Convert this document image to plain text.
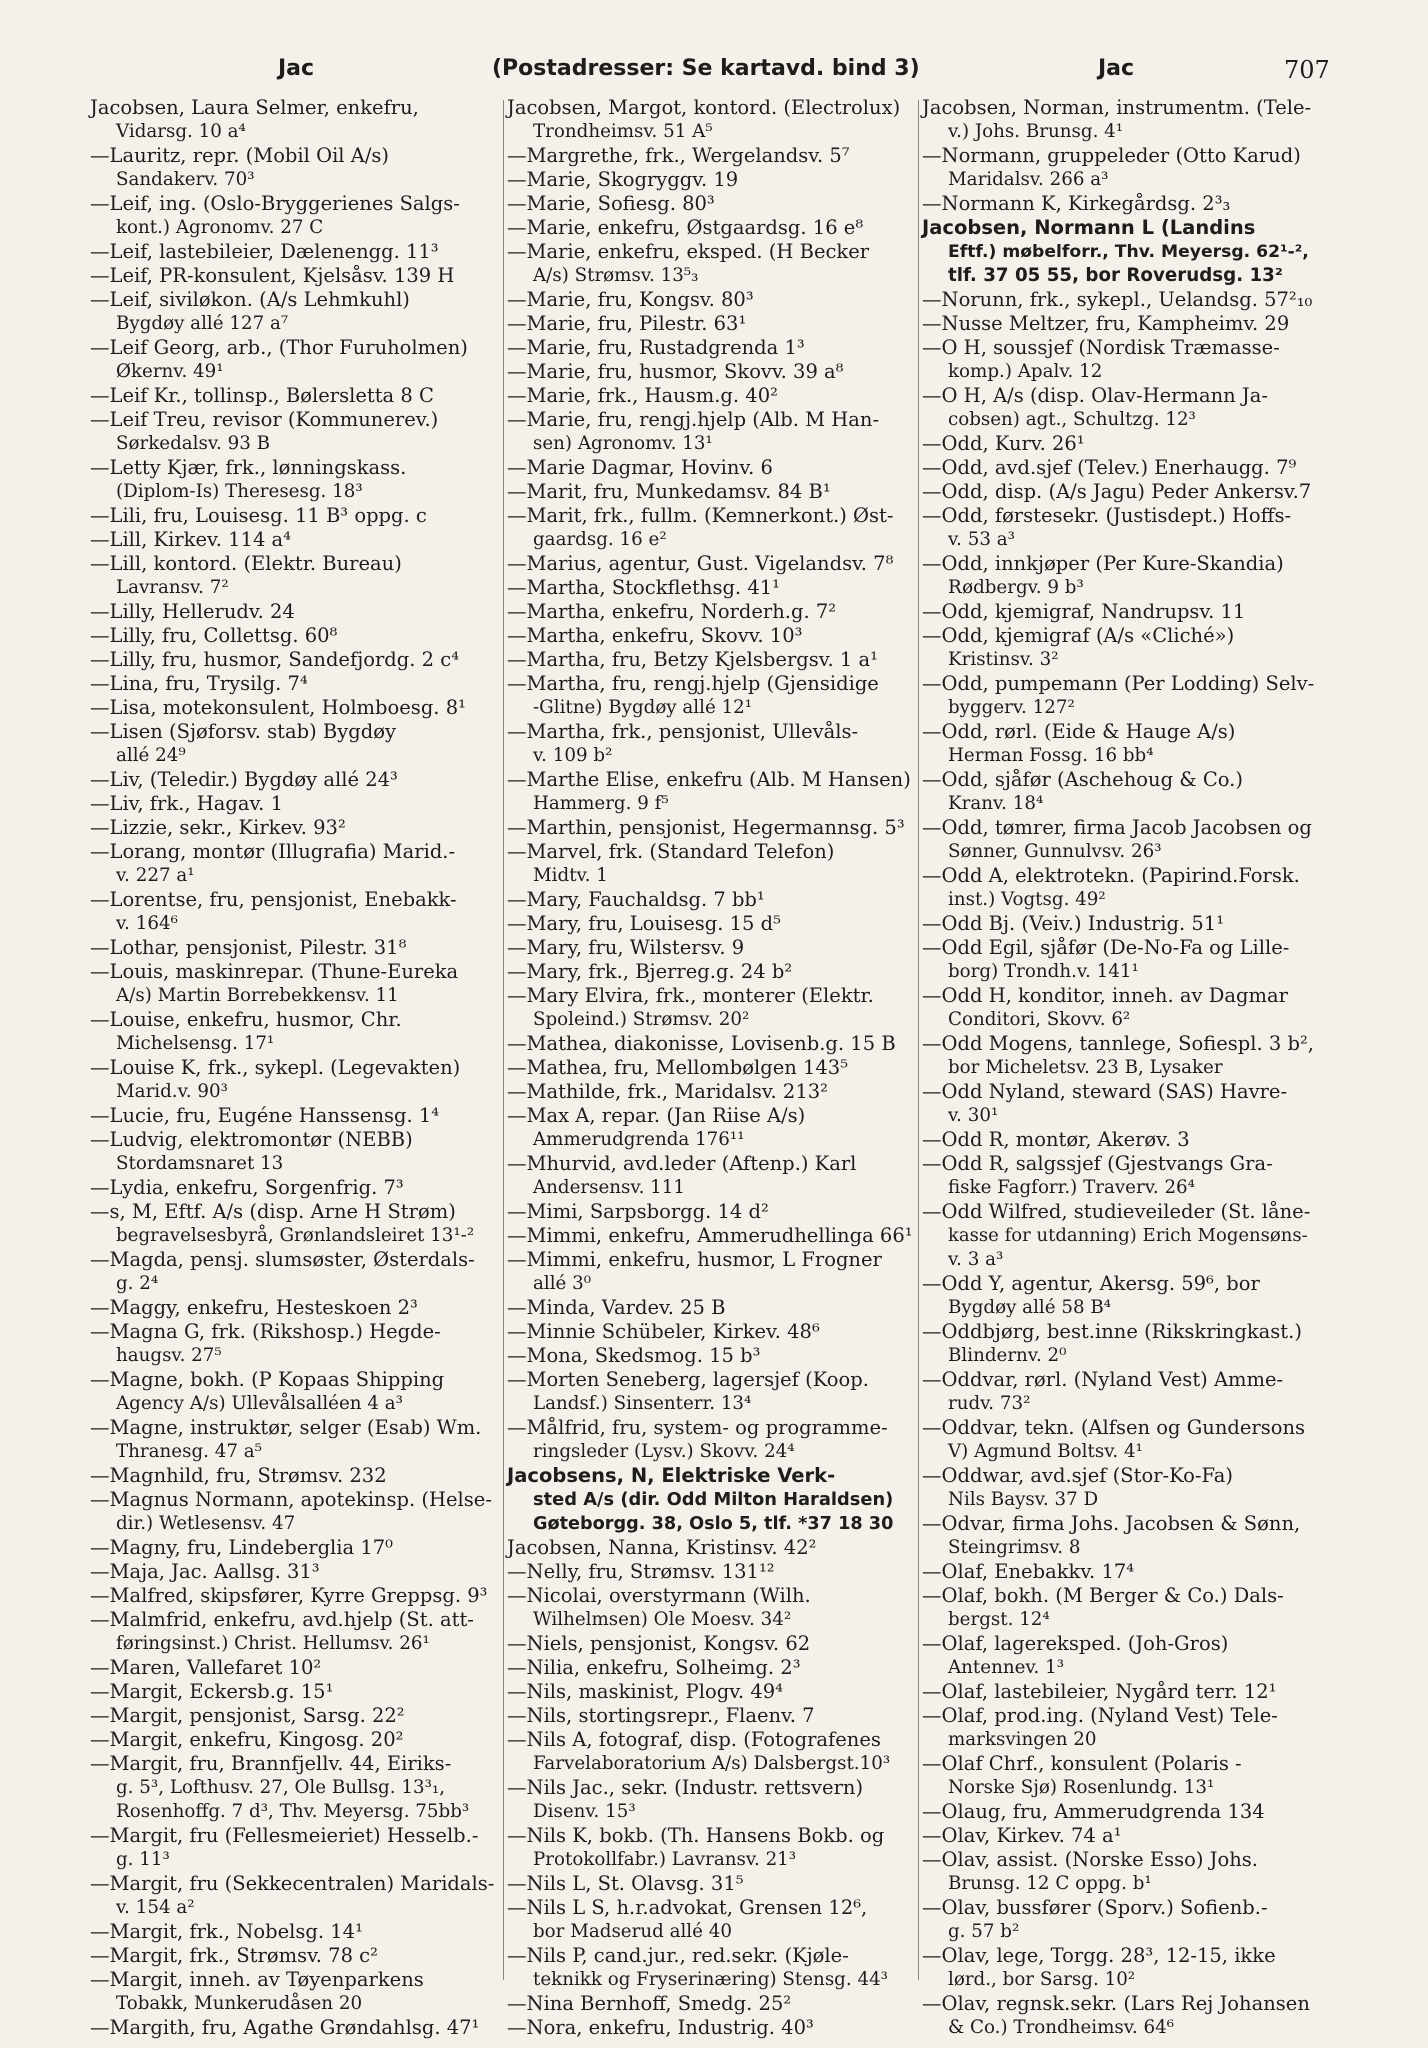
Jac	(Postadresser: Se kartavd. bind 3)	Jac	707
Jacobsen, Laura Selmer, enkefru,
Vidarsg. 10 a⁴
—Lauritz, repr. (Mobil Oil A/s)
Sandakerv. 70³
—Leif, ing. (Oslo-Bryggerienes Salgs-
kont.) Agronomv. 27 C
—Leif, lastebileier, Dælenengg. 11³
—Leif, PR-konsulent, Kjelsåsv. 139 H
—Leif, siviløkon. (A/s Lehmkuhl)
Bygdøy allé 127 a⁷
—Leif Georg, arb., (Thor Furuholmen)
Økernv. 49¹
—Leif Kr., tollinsp., Bølersletta 8 C
—Leif Treu, revisor (Kommunerev.)
Sørkedalsv. 93 B
—Letty Kjær, frk., lønningskass.
(Diplom-Is) Theresesg. 18³
—Lili, fru, Louisesg. 11 B³ oppg. c
—Lill, Kirkev. 114 a⁴
—Lill, kontord. (Elektr. Bureau)
Lavransv. 7²
—Lilly, Hellerudv. 24
—Lilly, fru, Collettsg. 60⁸
—Lilly, fru, husmor, Sandefjordg. 2 c⁴
—Lina, fru, Trysilg. 7⁴
—Lisa, motekonsulent, Holmboesg. 8¹
—Lisen (Sjøforsv. stab) Bygdøy
allé 24⁹
—Liv, (Teledir.) Bygdøy allé 24³
—Liv, frk., Hagav. 1
—Lizzie, sekr., Kirkev. 93²
—Lorang, montør (Illugrafia) Marid.-
v. 227 a¹
—Lorentse, fru, pensjonist, Enebakk-
v. 164⁶
—Lothar, pensjonist, Pilestr. 31⁸
—Louis, maskinrepar. (Thune-Eureka
A/s) Martin Borrebekkensv. 11
—Louise, enkefru, husmor, Chr.
Michelsensg. 17¹
—Louise K, frk., sykepl. (Legevakten)
Marid.v. 90³
—Lucie, fru, Eugéne Hanssensg. 1⁴
—Ludvig, elektromontør (NEBB)
Stordamsnaret 13
—Lydia, enkefru, Sorgenfrig. 7³
—s, M, Eftf. A/s (disp. Arne H Strøm)
begravelsesbyrå, Grønlandsleiret 13¹-²
—Magda, pensj. slumsøster, Østerdals-
g. 2⁴
—Maggy, enkefru, Hesteskoen 2³
—Magna G, frk. (Rikshosp.) Hegde-
haugsv. 27⁵
—Magne, bokh. (P Kopaas Shipping
Agency A/s) Ullevålsalléen 4 a³
—Magne, instruktør, selger (Esab) Wm.
Thranesg. 47 a⁵
—Magnhild, fru, Strømsv. 232
—Magnus Normann, apotekinsp. (Helse-
dir.) Wetlesensv. 47
—Magny, fru, Lindeberglia 17⁰
—Maja, Jac. Aallsg. 31³
—Malfred, skipsfører, Kyrre Greppsg. 9³
—Malmfrid, enkefru, avd.hjelp (St. att-
føringsinst.) Christ. Hellumsv. 26¹
—Maren, Vallefaret 10²
—Margit, Eckersb.g. 15¹
—Margit, pensjonist, Sarsg. 22²
—Margit, enkefru, Kingosg. 20²
—Margit, fru, Brannfjellv. 44, Eiriks-
g. 5³, Lofthusv. 27, Ole Bullsg. 13³₁,
Rosenhoffg. 7 d³, Thv. Meyersg. 75bb³
—Margit, fru (Fellesmeieriet) Hesselb.-
g. 11³
—Margit, fru (Sekkecentralen) Maridals-
v. 154 a²
—Margit, frk., Nobelsg. 14¹
—Margit, frk., Strømsv. 78 c²
—Margit, inneh. av Tøyenparkens
Tobakk, Munkerudåsen 20
—Margith, fru, Agathe Grøndahlsg. 47¹
Jacobsen, Margot, kontord. (Electrolux)
Trondheimsv. 51 A⁵
—Margrethe, frk., Wergelandsv. 5⁷
—Marie, Skogryggv. 19
—Marie, Sofiesg. 80³
—Marie, enkefru, Østgaardsg. 16 e⁸
—Marie, enkefru, eksped. (H Becker
A/s) Strømsv. 13⁵₃
—Marie, fru, Kongsv. 80³
—Marie, fru, Pilestr. 63¹
—Marie, fru, Rustadgrenda 1³
—Marie, fru, husmor, Skovv. 39 a⁸
—Marie, frk., Hausm.g. 40²
—Marie, fru, rengj.hjelp (Alb. M Han-
sen) Agronomv. 13¹
—Marie Dagmar, Hovinv. 6
—Marit, fru, Munkedamsv. 84 B¹
—Marit, frk., fullm. (Kemnerkont.) Øst-
gaardsg. 16 e²
—Marius, agentur, Gust. Vigelandsv. 7⁸
—Martha, Stockflethsg. 41¹
—Martha, enkefru, Norderh.g. 7²
—Martha, enkefru, Skovv. 10³
—Martha, fru, Betzy Kjelsbergsv. 1 a¹
—Martha, fru, rengj.hjelp (Gjensidige
-Glitne) Bygdøy allé 12¹
—Martha, frk., pensjonist, Ullevåls-
v. 109 b²
—Marthe Elise, enkefru (Alb. M Hansen)
Hammerg. 9 f⁵
—Marthin, pensjonist, Hegermannsg. 5³
—Marvel, frk. (Standard Telefon)
Midtv. 1
—Mary, Fauchaldsg. 7 bb¹
—Mary, fru, Louisesg. 15 d⁵
—Mary, fru, Wilstersv. 9
—Mary, frk., Bjerreg.g. 24 b²
—Mary Elvira, frk., monterer (Elektr.
Spoleind.) Strømsv. 20²
—Mathea, diakonisse, Lovisenb.g. 15 B
—Mathea, fru, Mellombølgen 143⁵
—Mathilde, frk., Maridalsv. 213²
—Max A, repar. (Jan Riise A/s)
Ammerudgrenda 176¹¹
—Mhurvid, avd.leder (Aftenp.) Karl
Andersensv. 111
—Mimi, Sarpsborgg. 14 d²
—Mimmi, enkefru, Ammerudhellinga 66¹
—Mimmi, enkefru, husmor, L Frogner
allé 3⁰
—Minda, Vardev. 25 B
—Minnie Schübeler, Kirkev. 48⁶
—Mona, Skedsmog. 15 b³
—Morten Seneberg, lagersjef (Koop.
Landsf.) Sinsenterr. 13⁴
—Målfrid, fru, system- og programme-
ringsleder (Lysv.) Skovv. 24⁴
Jacobsens, N, Elektriske Verk-
sted A/s (dir. Odd Milton Haraldsen)
Gøteborgg. 38, Oslo 5, tlf. *37 18 30
Jacobsen, Nanna, Kristinsv. 42²
—Nelly, fru, Strømsv. 131¹²
—Nicolai, overstyrmann (Wilh.
Wilhelmsen) Ole Moesv. 34²
—Niels, pensjonist, Kongsv. 62
—Nilia, enkefru, Solheimg. 2³
—Nils, maskinist, Plogv. 49⁴
—Nils, stortingsrepr., Flaenv. 7
—Nils A, fotograf, disp. (Fotografenes
Farvelaboratorium A/s) Dalsbergst.10³
—Nils Jac., sekr. (Industr. rettsvern)
Disenv. 15³
—Nils K, bokb. (Th. Hansens Bokb. og
Protokollfabr.) Lavransv. 21³
—Nils L, St. Olavsg. 31⁵
—Nils L S, h.r.advokat, Grensen 12⁶,
bor Madserud allé 40
—Nils P, cand.jur., red.sekr. (Kjøle-
teknikk og Fryserinæring) Stensg. 44³
—Nina Bernhoff, Smedg. 25²
—Nora, enkefru, Industrig. 40³
Jacobsen, Norman, instrumentm. (Tele-
v.) Johs. Brunsg. 4¹
—Normann, gruppeleder (Otto Karud)
Maridalsv. 266 a³
—Normann K, Kirkegårdsg. 2³₃
Jacobsen, Normann L (Landins
Eftf.) møbelforr., Thv. Meyersg. 62¹-²,
tlf. 37 05 55, bor Roverudsg. 13²
—Norunn, frk., sykepl., Uelandsg. 57²₁₀
—Nusse Meltzer, fru, Kampheimv. 29
—O H, soussjef (Nordisk Træmasse-
komp.) Apalv. 12
—O H, A/s (disp. Olav-Hermann Ja-
cobsen) agt., Schultzg. 12³
—Odd, Kurv. 26¹
—Odd, avd.sjef (Telev.) Enerhaugg. 7⁹
—Odd, disp. (A/s Jagu) Peder Ankersv.7
—Odd, førstesekr. (Justisdept.) Hoffs-
v. 53 a³
—Odd, innkjøper (Per Kure-Skandia)
Rødbergv. 9 b³
—Odd, kjemigraf, Nandrupsv. 11
—Odd, kjemigraf (A/s «Cliché»)
Kristinsv. 3²
—Odd, pumpemann (Per Lodding) Selv-
byggerv. 127²
—Odd, rørl. (Eide & Hauge A/s)
Herman Fossg. 16 bb⁴
—Odd, sjåfør (Aschehoug & Co.)
Kranv. 18⁴
—Odd, tømrer, firma Jacob Jacobsen og
Sønner, Gunnulvsv. 26³
—Odd A, elektrotekn. (Papirind.Forsk.
inst.) Vogtsg. 49²
—Odd Bj. (Veiv.) Industrig. 51¹
—Odd Egil, sjåfør (De-No-Fa og Lille-
borg) Trondh.v. 141¹
—Odd H, konditor, inneh. av Dagmar
Conditori, Skovv. 6²
—Odd Mogens, tannlege, Sofiespl. 3 b²,
bor Micheletsv. 23 B, Lysaker
—Odd Nyland, steward (SAS) Havre-
v. 30¹
—Odd R, montør, Akerøv. 3
—Odd R, salgssjef (Gjestvangs Gra-
fiske Fagforr.) Traverv. 26⁴
—Odd Wilfred, studieveileder (St. låne-
kasse for utdanning) Erich Mogensøns-
v. 3 a³
—Odd Y, agentur, Akersg. 59⁶, bor
Bygdøy allé 58 B⁴
—Oddbjørg, best.inne (Rikskringkast.)
Blindernv. 2⁰
—Oddvar, rørl. (Nyland Vest) Amme-
rudv. 73²
—Oddvar, tekn. (Alfsen og Gundersons
V) Agmund Boltsv. 4¹
—Oddwar, avd.sjef (Stor-Ko-Fa)
Nils Baysv. 37 D
—Odvar, firma Johs. Jacobsen & Sønn,
Steingrimsv. 8
—Olaf, Enebakkv. 17⁴
—Olaf, bokh. (M Berger & Co.) Dals-
bergst. 12⁴
—Olaf, lagereksped. (Joh-Gros)
Antennev. 1³
—Olaf, lastebileier, Nygård terr. 12¹
—Olaf, prod.ing. (Nyland Vest) Tele-
marksvingen 20
—Olaf Chrf., konsulent (Polaris -
Norske Sjø) Rosenlundg. 13¹
—Olaug, fru, Ammerudgrenda 134
—Olav, Kirkev. 74 a¹
—Olav, assist. (Norske Esso) Johs.
Brunsg. 12 C oppg. b¹
—Olav, bussfører (Sporv.) Sofienb.-
g. 57 b²
—Olav, lege, Torgg. 28³, 12-15, ikke
lørd., bor Sarsg. 10²
—Olav, regnsk.sekr. (Lars Rej Johansen
& Co.) Trondheimsv. 64⁶
